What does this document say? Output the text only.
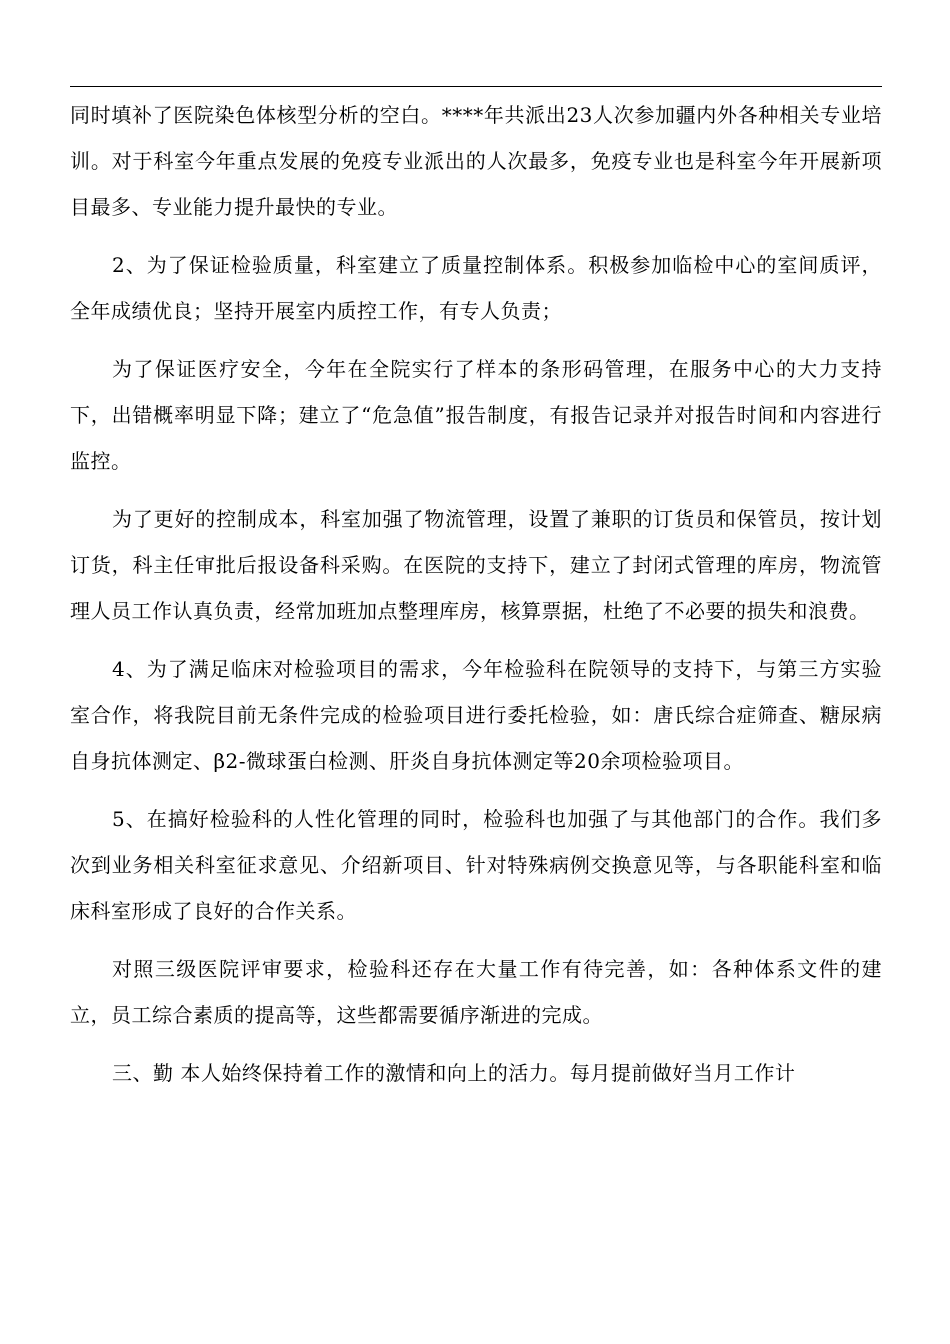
同时填补了医院染色体核型分析的空白。****年共派出23人次参加疆内外各种相关专业培训。对于科室今年重点发展的免疫专业派出的人次最多，免疫专业也是科室今年开展新项目最多、专业能力提升最快的专业。

2、为了保证检验质量，科室建立了质量控制体系。积极参加临检中心的室间质评，全年成绩优良；坚持开展室内质控工作，有专人负责；

为了保证医疗安全，今年在全院实行了样本的条形码管理，在服务中心的大力支持下，出错概率明显下降；建立了“危急值”报告制度，有报告记录并对报告时间和内容进行监控。

为了更好的控制成本，科室加强了物流管理，设置了兼职的订货员和保管员，按计划订货，科主任审批后报设备科采购。在医院的支持下，建立了封闭式管理的库房，物流管理人员工作认真负责，经常加班加点整理库房，核算票据，杜绝了不必要的损失和浪费。

4、为了满足临床对检验项目的需求，今年检验科在院领导的支持下，与第三方实验室合作，将我院目前无条件完成的检验项目进行委托检验，如：唐氏综合症筛查、糖尿病自身抗体测定、β2-微球蛋白检测、肝炎自身抗体测定等20余项检验项目。

5、在搞好检验科的人性化管理的同时，检验科也加强了与其他部门的合作。我们多次到业务相关科室征求意见、介绍新项目、针对特殊病例交换意见等，与各职能科室和临床科室形成了良好的合作关系。

对照三级医院评审要求，检验科还存在大量工作有待完善，如：各种体系文件的建立，员工综合素质的提高等，这些都需要循序渐进的完成。

三、勤 本人始终保持着工作的激情和向上的活力。每月提前做好当月工作计
